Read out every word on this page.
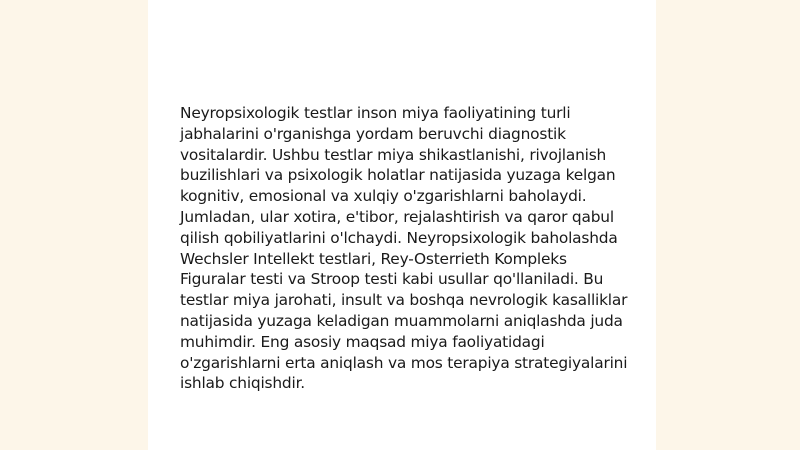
Neyropsixologik testlar inson miya faoliyatining turli jabhalarini o'rganishga yordam beruvchi diagnostik vositalardir. Ushbu testlar miya shikastlanishi, rivojlanish buzilishlari va psixologik holatlar natijasida yuzaga kelgan kognitiv, emosional va xulqiy o'zgarishlarni baholaydi. Jumladan, ular xotira, e'tibor, rejalashtirish va qaror qabul qilish qobiliyatlarini o'lchaydi. Neyropsixologik baholashda Wechsler Intellekt testlari, Rey-Osterrieth Kompleks Figuralar testi va Stroop testi kabi usullar qo'llaniladi. Bu testlar miya jarohati, insult va boshqa nevrologik kasalliklar natijasida yuzaga keladigan muammolarni aniqlashda juda muhimdir. Eng asosiy maqsad miya faoliyatidagi o'zgarishlarni erta aniqlash va mos terapiya strategiyalarini ishlab chiqishdir.
